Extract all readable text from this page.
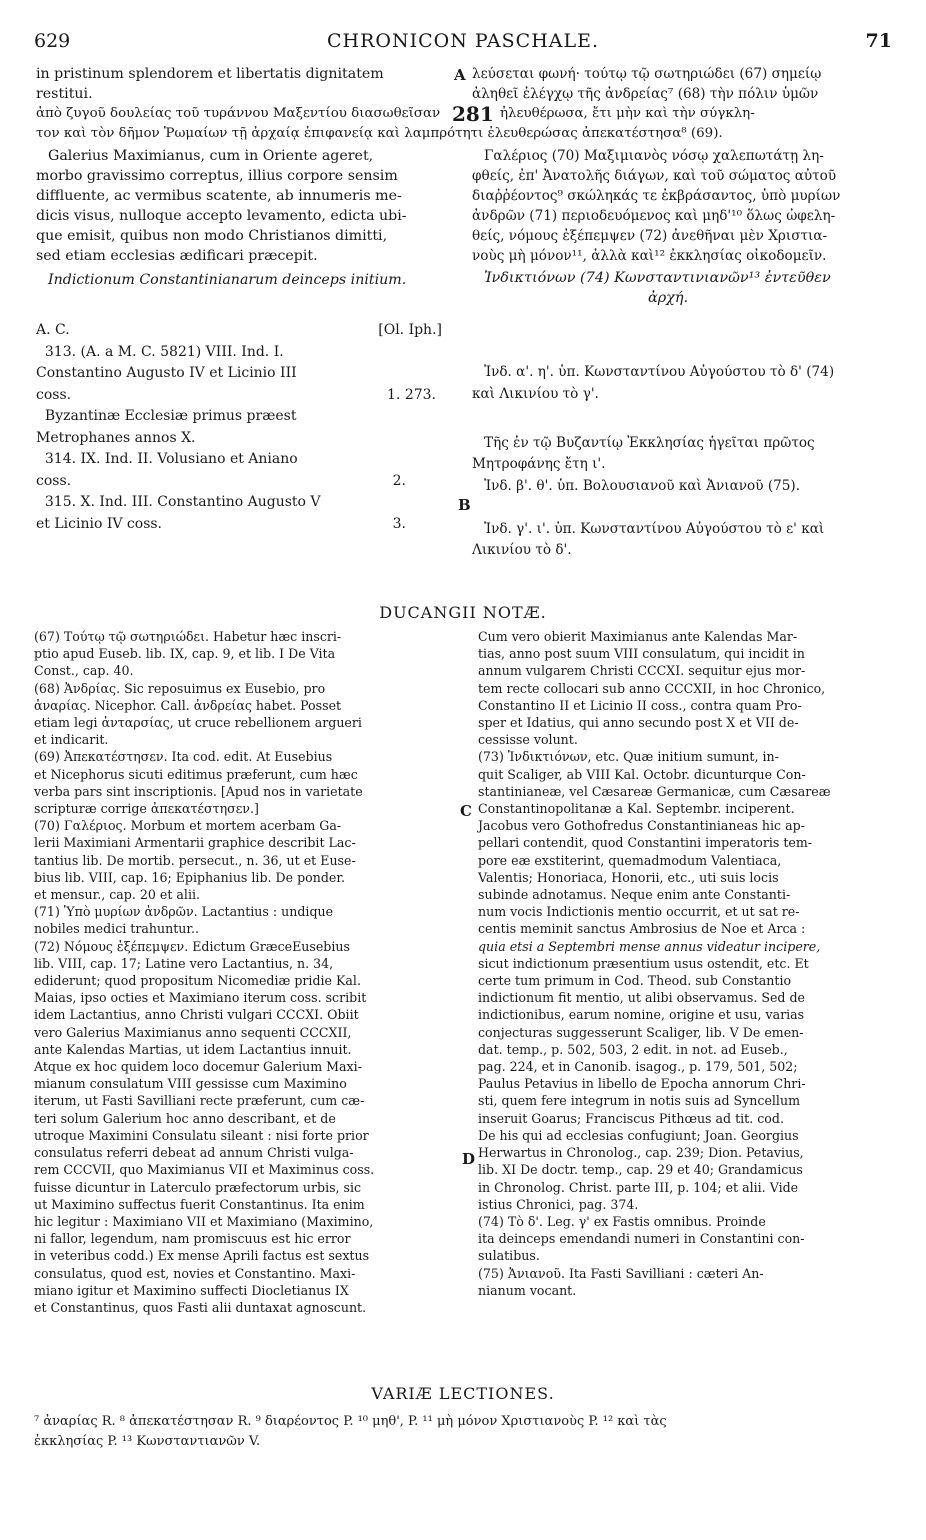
629	CHRONICON PASCHALE.	71
in pristinum splendorem et libertatis dignitatem
restitui.
A λεύσεται φωνή· τούτῳ τῷ σωτηριώδει (67) σημείῳ
ἀληθεῖ ἐλέγχῳ τῆς ἀνδρείας⁷ (68) τὴν πόλιν ὑμῶν
ἀπὸ ζυγοῦ δουλείας τοῦ τυράννου Μαξεντίου διασωθεῖσαν 281 ἠλευθέρωσα, ἔτι μὴν καὶ τὴν σύγκλη-
τον καὶ τὸν δῆμον Ῥωμαίων τῇ ἀρχαίᾳ ἐπιφανείᾳ καὶ λαμπρότητι ἐλευθερώσας ἀπεκατέστησα⁸ (69).
Galerius Maximianus, cum in Oriente ageret,
morbo gravissimo correptus, illius corpore sensim
diffluente, ac vermibus scatente, ab innumeris me-
dicis visus, nulloque accepto levamento, edicta ubi-
que emisit, quibus non modo Christianos dimitti,
sed etiam ecclesias ædificari præcepit.
Indictionum Constantinianarum deinceps initium.
Γαλέριος (70) Μαξιμιανὸς νόσῳ χαλεπωτάτῃ λη-
φθείς, ἐπ' Ἀνατολῆς διάγων, καὶ τοῦ σώματος αὐτοῦ
διαῤῥέοντος⁹ σκώληκάς τε ἐκβράσαντος, ὑπὸ μυρίων
ἀνδρῶν (71) περιοδευόμενος καὶ μηδ'¹⁰ ὅλως ὠφελη-
θείς, νόμους ἐξέπεμψεν (72) ἀνεθῆναι μὲν Χριστια-
νοὺς μὴ μόνον¹¹, ἀλλὰ καὶ¹² ἐκκλησίας οἰκοδομεῖν.
Ἰνδικτιόνων (74) Κωνσταντινιανῶν¹³ ἐντεῦθεν
ἀρχή.
A. C.	[Ol. Iph.]
313. (A. a M. C. 5821) VIII. Ind. I.
Constantino Augusto IV et Licinio III
coss.	1. 273.
Byzantinæ Ecclesiæ primus præest
Metrophanes annos X.
314. IX. Ind. II. Volusiano et Aniano
coss.	2.
315. X. Ind. III. Constantino Augusto V
et Licinio IV coss.	3.
B

Ἰνδ. α'. η'. ὑπ. Κωνσταντίνου Αὐγούστου τὸ δ' (74)

καὶ Λικινίου τὸ γ'.

Τῆς ἐν τῷ Βυζαντίῳ Ἐκκλησίας ἡγεῖται πρῶτος

Μητροφάνης ἔτη ι'.

Ἰνδ. β'. θ'. ὑπ. Βολουσιανοῦ καὶ Ἀνιανοῦ (75).

Ἰνδ. γ'. ι'. ὑπ. Κωνσταντίνου Αὐγούστου τὸ ε' καὶ

Λικινίου τὸ δ'.

DUCANGII NOTÆ.

(67) Τούτῳ τῷ σωτηριώδει. Habetur hæc inscri-

ptio apud Euseb. lib. IX, cap. 9, et lib. I De Vita

Const., cap. 40.

(68) Ἀνδρίας. Sic reposuimus ex Eusebio, pro

ἀναρίας. Nicephor. Call. ἀνδρείας habet. Posset

etiam legi ἀνταρσίας, ut cruce rebellionem argueri

et indicarit.

(69) Ἀπεκατέστησεν. Ita cod. edit. At Eusebius

et Nicephorus sicuti editimus præferunt, cum hæc

verba pars sint inscriptionis. [Apud nos in varietate

scripturæ corrige ἀπεκατέστησεν.]

(70) Γαλέριος. Morbum et mortem acerbam Ga-

lerii Maximiani Armentarii graphice describit Lac-

tantius lib. De mortib. persecut., n. 36, ut et Euse-

bius lib. VIII, cap. 16; Epiphanius lib. De ponder.

et mensur., cap. 20 et alii.

(71) Ὑπὸ μυρίων ἀνδρῶν. Lactantius : undique

nobiles medici trahuntur..

(72) Νόμους ἐξέπεμψεν. Edictum GræceEusebius

lib. VIII, cap. 17; Latine vero Lactantius, n. 34,

ediderunt; quod propositum Nicomediæ pridie Kal.

Maias, ipso octies et Maximiano iterum coss. scribit

idem Lactantius, anno Christi vulgari CCCXI. Obiit

vero Galerius Maximianus anno sequenti CCCXII,

ante Kalendas Martias, ut idem Lactantius innuit.

Atque ex hoc quidem loco docemur Galerium Maxi-

mianum consulatum VIII gessisse cum Maximino

iterum, ut Fasti Savilliani recte præferunt, cum cæ-

teri solum Galerium hoc anno describant, et de

utroque Maximini Consulatu sileant : nisi forte prior

consulatus referri debeat ad annum Christi vulga-

rem CCCVII, quo Maximianus VII et Maximinus coss.

fuisse dicuntur in Laterculo præfectorum urbis, sic

ut Maximino suffectus fuerit Constantinus. Ita enim

hic legitur : Maximiano VII et Maximiano (Maximino,

ni fallor, legendum, nam promiscuus est hic error

in veteribus codd.) Ex mense Aprili factus est sextus

consulatus, quod est, novies et Constantino. Maxi-

miano igitur et Maximino suffecti Diocletianus IX

et Constantinus, quos Fasti alii duntaxat agnoscunt.

C
D

Cum vero obierit Maximianus ante Kalendas Mar-

tias, anno post suum VIII consulatum, qui incidit in

annum vulgarem Christi CCCXI. sequitur ejus mor-

tem recte collocari sub anno CCCXII, in hoc Chronico,

Constantino II et Licinio II coss., contra quam Pro-

sper et Idatius, qui anno secundo post X et VII de-

cessisse volunt.

(73) Ἰνδικτιόνων, etc. Quæ initium sumunt, in-

quit Scaliger, ab VIII Kal. Octobr. dicunturque Con-

stantinianeæ, vel Cæsareæ Germanicæ, cum Cæsareæ

Constantinopolitanæ a Kal. Septembr. inciperent.

Jacobus vero Gothofredus Constantinianeas hic ap-

pellari contendit, quod Constantini imperatoris tem-

pore eæ exstiterint, quemadmodum Valentiaca,

Valentis; Honoriaca, Honorii, etc., uti suis locis

subinde adnotamus. Neque enim ante Constanti-

num vocis Indictionis mentio occurrit, et ut sat re-

centis meminit sanctus Ambrosius de Noe et Arca :

quia etsi a Septembri mense annus videatur incipere,

sicut indictionum præsentium usus ostendit, etc. Et

certe tum primum in Cod. Theod. sub Constantio

indictionum fit mentio, ut alibi observamus. Sed de

indictionibus, earum nomine, origine et usu, varias

conjecturas suggesserunt Scaliger, lib. V De emen-

dat. temp., p. 502, 503, 2 edit. in not. ad Euseb.,

pag. 224, et in Canonib. isagog., p. 179, 501, 502;

Paulus Petavius in libello de Epocha annorum Chri-

sti, quem fere integrum in notis suis ad Syncellum

inseruit Goarus; Franciscus Pithœus ad tit. cod.

De his qui ad ecclesias confugiunt; Joan. Georgius

Herwartus in Chronolog., cap. 239; Dion. Petavius,

lib. XI De doctr. temp., cap. 29 et 40; Grandamicus

in Chronolog. Christ. parte III, p. 104; et alii. Vide

istius Chronici, pag. 374.

(74) Τὸ δ'. Leg. γ' ex Fastis omnibus. Proinde

ita deinceps emendandi numeri in Constantini con-

sulatibus.

(75) Ἀνιανοῦ. Ita Fasti Savilliani : cæteri An-

nianum vocant.

VARIÆ LECTIONES.
⁷ ἀναρίας R. ⁸ ἀπεκατέστησαν R. ⁹ διαρέοντος P. ¹⁰ μηθ', P. ¹¹ μὴ μόνον Χριστιανοὺς P. ¹² καὶ τὰς
ἐκκλησίας P. ¹³ Κωνσταντιανῶν V.
